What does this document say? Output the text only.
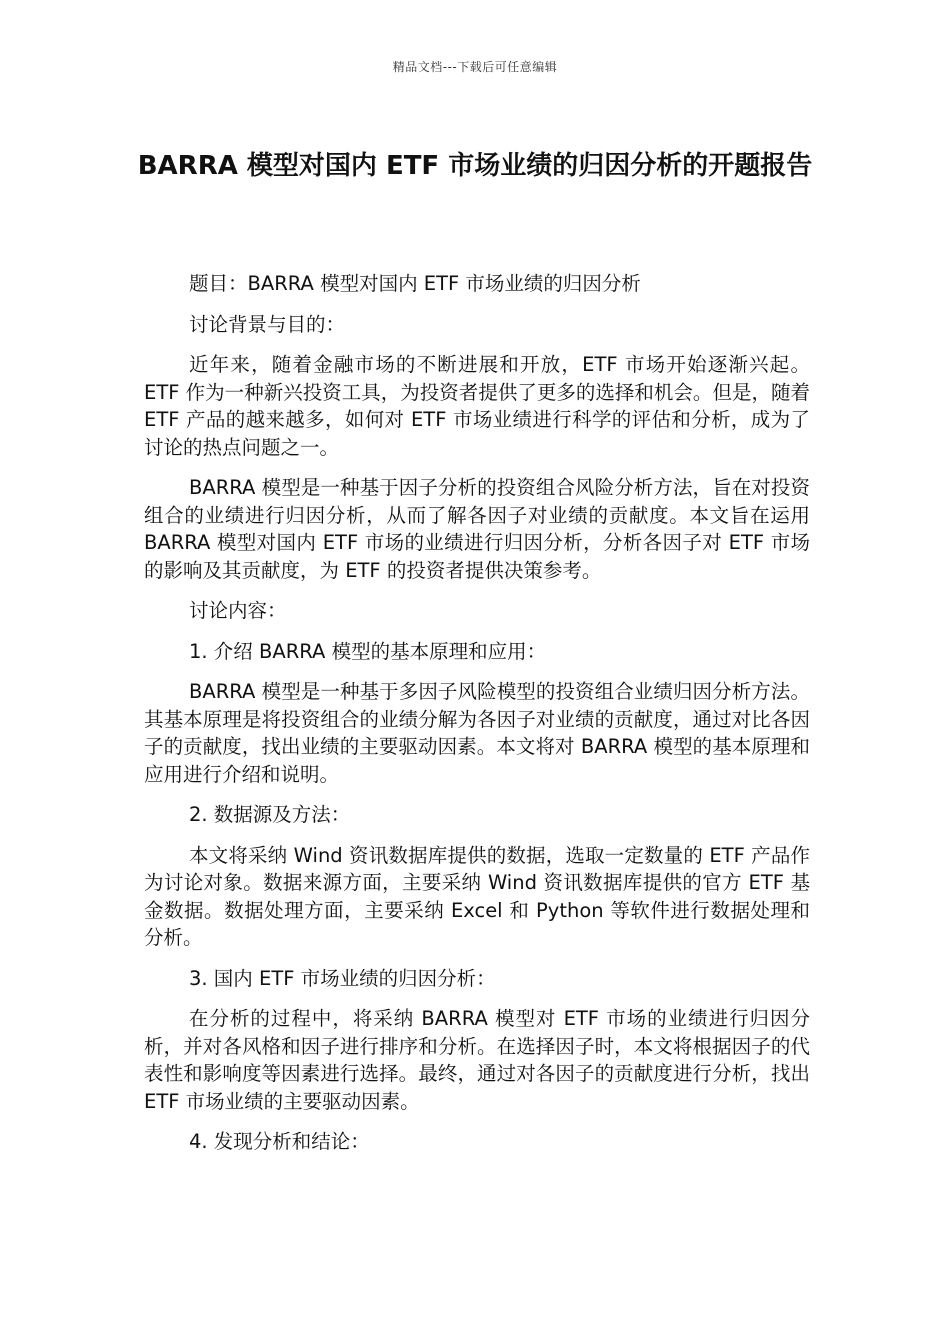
精品文档---下载后可任意编辑
BARRA 模型对国内 ETF 市场业绩的归因分析的开题报告

题目：BARRA 模型对国内 ETF 市场业绩的归因分析

讨论背景与目的：

近年来，随着金融市场的不断进展和开放，ETF 市场开始逐渐兴起。ETF 作为一种新兴投资工具，为投资者提供了更多的选择和机会。但是，随着 ETF 产品的越来越多，如何对 ETF 市场业绩进行科学的评估和分析，成为了讨论的热点问题之一。

BARRA 模型是一种基于因子分析的投资组合风险分析方法，旨在对投资组合的业绩进行归因分析，从而了解各因子对业绩的贡献度。本文旨在运用 BARRA 模型对国内 ETF 市场的业绩进行归因分析，分析各因子对 ETF 市场的影响及其贡献度，为 ETF 的投资者提供决策参考。

讨论内容：

1. 介绍 BARRA 模型的基本原理和应用：

BARRA 模型是一种基于多因子风险模型的投资组合业绩归因分析方法。其基本原理是将投资组合的业绩分解为各因子对业绩的贡献度，通过对比各因子的贡献度，找出业绩的主要驱动因素。本文将对 BARRA 模型的基本原理和应用进行介绍和说明。

2. 数据源及方法：

本文将采纳 Wind 资讯数据库提供的数据，选取一定数量的 ETF 产品作为讨论对象。数据来源方面，主要采纳 Wind 资讯数据库提供的官方 ETF 基金数据。数据处理方面，主要采纳 Excel 和 Python 等软件进行数据处理和分析。

3. 国内 ETF 市场业绩的归因分析：

在分析的过程中，将采纳 BARRA 模型对 ETF 市场的业绩进行归因分析，并对各风格和因子进行排序和分析。在选择因子时，本文将根据因子的代表性和影响度等因素进行选择。最终，通过对各因子的贡献度进行分析，找出 ETF 市场业绩的主要驱动因素。

4. 发现分析和结论：
